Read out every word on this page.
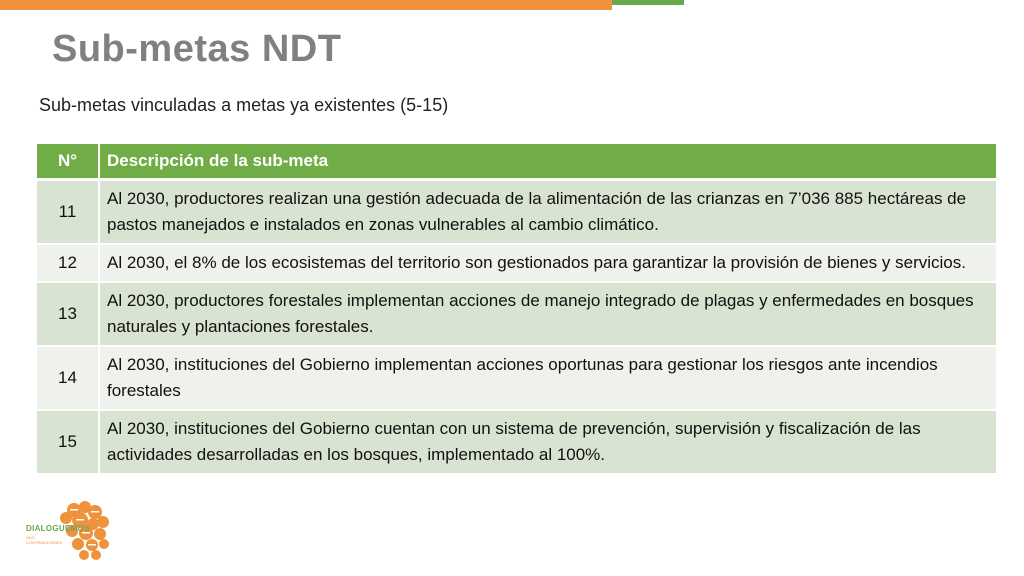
Sub-metas NDT
Sub-metas vinculadas a metas ya existentes (5-15)
N°	Descripción de la sub-meta
11	Al 2030, productores realizan una gestión adecuada de la alimentación de las crianzas en 7’036 885 hectáreas de pastos manejados e instalados en zonas vulnerables al cambio climático.
12	Al 2030, el 8% de los ecosistemas del territorio son gestionados para garantizar la provisión de bienes y servicios.
13	Al 2030, productores forestales implementan acciones de manejo integrado de plagas y enfermedades en bosques naturales y plantaciones forestales.
14	Al 2030, instituciones del Gobierno implementan acciones oportunas para gestionar los riesgos ante incendios forestales
15	Al 2030, instituciones del Gobierno cuentan con un sistema de prevención, supervisión y fiscalización de las actividades desarrolladas en los bosques, implementado al 100%.
DIALOGUEMOS
NDC
CONTRIBUCIONES
